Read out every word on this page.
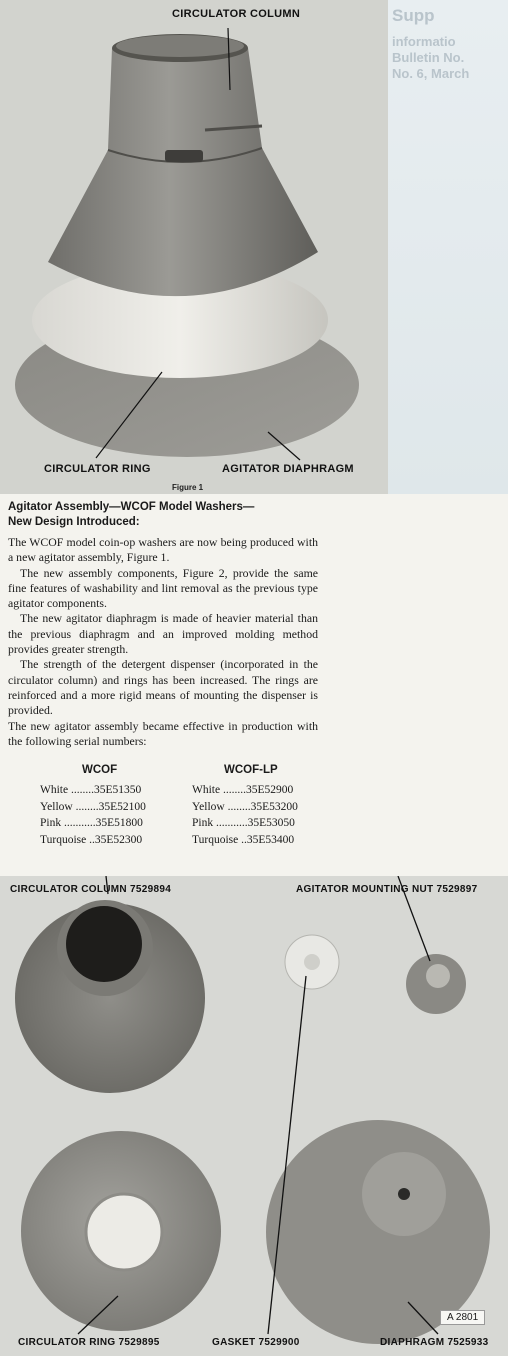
CIRCULATOR COLUMN
CIRCULATOR RING	AGITATOR DIAPHRAGM
Figure 1
Supp
informatio
Bulletin No.
No. 6, March
Agitator Assembly—WCOF Model Washers—
New Design Introduced:

The WCOF model coin-op washers are now being produced with a new agitator assembly, Figure 1.

The new assembly components, Figure 2, provide the same fine features of washability and lint removal as the previous type agitator components.

The new agitator diaphragm is made of heavier material than the previous diaphragm and an improved molding method provides greater strength.

The strength of the detergent dispenser (incorporated in the circulator column) and rings has been increased. The rings are reinforced and a more rigid means of mounting the dispenser is provided.

The new agitator assembly became effective in production with the following serial numbers:

WCOF
White ........35E51350
Yellow ........35E52100
Pink ...........35E51800
Turquoise ..35E52300
WCOF-LP
White ........35E52900
Yellow ........35E53200
Pink ...........35E53050
Turquoise ..35E53400
CIRCULATOR COLUMN 7529894	AGITATOR MOUNTING NUT 7529897
CIRCULATOR RING 7529895	GASKET 7529900	DIAPHRAGM 7525933
A 2801
